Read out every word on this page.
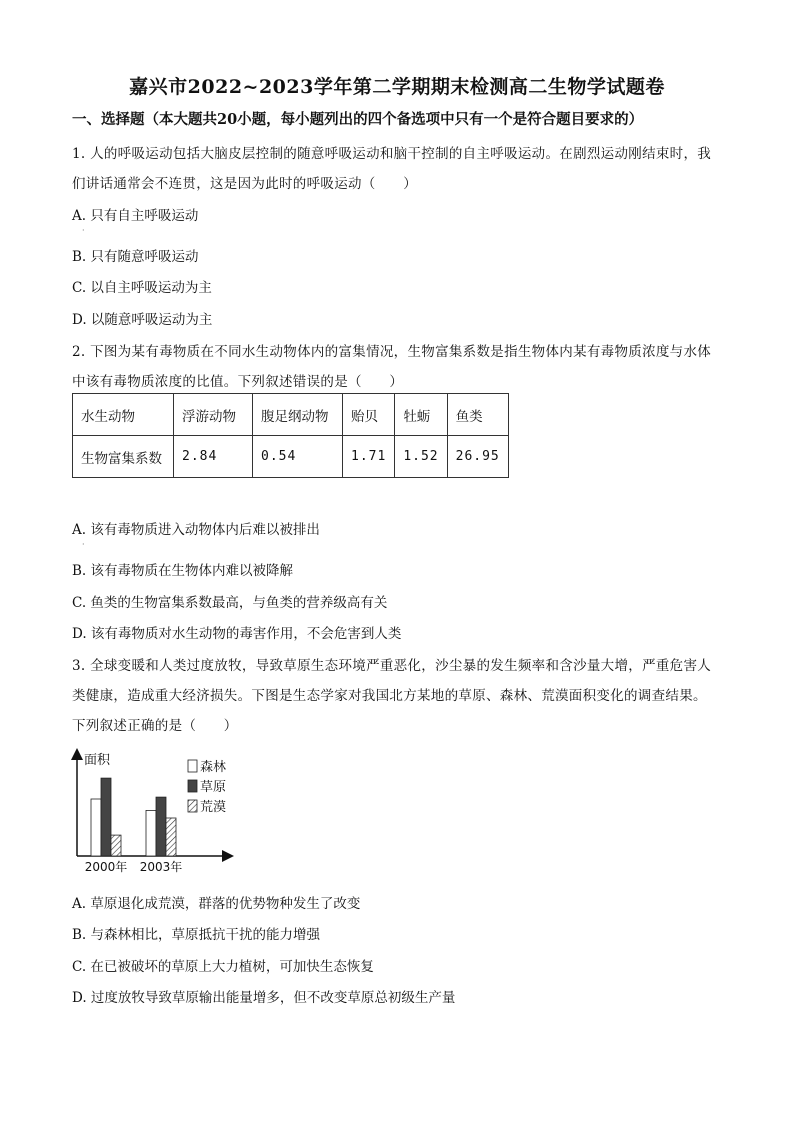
嘉兴市2022~2023学年第二学期期末检测高二生物学试题卷
一、选择题（本大题共20小题，每小题列出的四个备选项中只有一个是符合题目要求的）
1. 人的呼吸运动包括大脑皮层控制的随意呼吸运动和脑干控制的自主呼吸运动。在剧烈运动刚结束时，我
们讲话通常会不连贯，这是因为此时的呼吸运动（　　）
A. 只有自主呼吸运动
·
B. 只有随意呼吸运动
C. 以自主呼吸运动为主
D. 以随意呼吸运动为主
2. 下图为某有毒物质在不同水生动物体内的富集情况，生物富集系数是指生物体内某有毒物质浓度与水体
中该有毒物质浓度的比值。下列叙述错误的是（　　）
水生动物	浮游动物	腹足纲动物	贻贝	牡蛎	鱼类
生物富集系数	2.84	0.54	1.71	1.52	26.95
A. 该有毒物质进入动物体内后难以被排出
·
B. 该有毒物质在生物体内难以被降解
C. 鱼类的生物富集系数最高，与鱼类的营养级高有关
D. 该有毒物质对水生动物的毒害作用，不会危害到人类
3. 全球变暖和人类过度放牧，导致草原生态环境严重恶化，沙尘暴的发生频率和含沙量大增，严重危害人
类健康，造成重大经济损失。下图是生态学家对我国北方某地的草原、森林、荒漠面积变化的调查结果。
下列叙述正确的是（　　）
面积
2000年 2003年
森林
草原
荒漠
A. 草原退化成荒漠，群落的优势物种发生了改变
B. 与森林相比，草原抵抗干扰的能力增强
C. 在已被破坏的草原上大力植树，可加快生态恢复
D. 过度放牧导致草原输出能量增多，但不改变草原总初级生产量
